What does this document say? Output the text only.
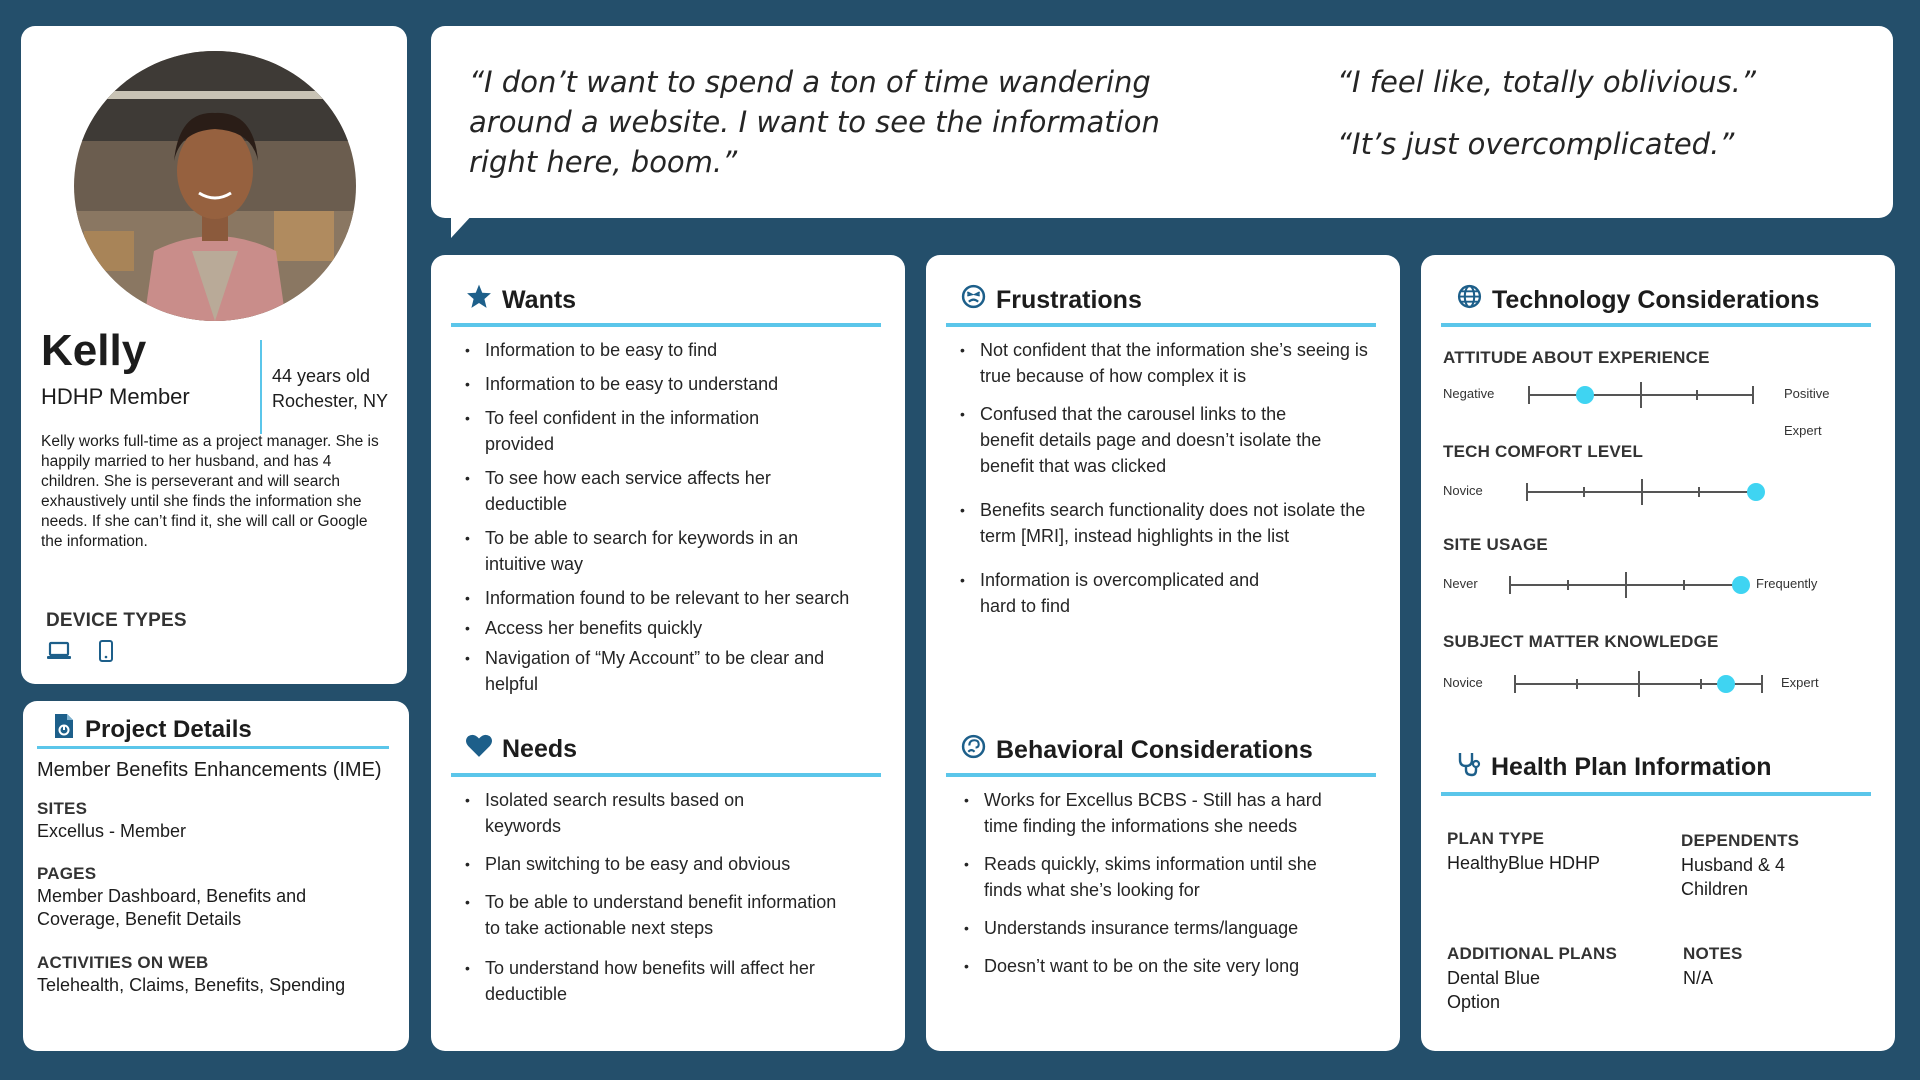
Kelly
HDHP Member
44 years old
Rochester, NY
Kelly works full-time as a project manager. She is happily married to her husband, and has 4 children. She is perseverant and will search exhaustively until she finds the information she needs. If she can’t find it, she will call or Google the information.
DEVICE TYPES
Project Details
Member Benefits Enhancements (IME)
SITES
Excellus - Member
PAGES
Member Dashboard, Benefits and
Coverage, Benefit Details
ACTIVITIES ON WEB
Telehealth, Claims, Benefits, Spending
“I don’t want to spend a ton of time wandering
around a website. I want to see the information
right here, boom.”
“I feel like, totally oblivious.”
“It’s just overcomplicated.”
Wants
• Information to be easy to find
• Information to be easy to understand
• To feel confident in the information provided
• To see how each service affects her deductible
• To be able to search for keywords in an intuitive way
• Information found to be relevant to her search
• Access her benefits quickly
• Navigation of “My Account” to be clear and helpful
Needs
• Isolated search results based on keywords
• Plan switching to be easy and obvious
• To be able to understand benefit information to take actionable next steps
• To understand how benefits will affect her deductible
Frustrations
• Not confident that the information she’s seeing is true because of how complex it is
• Confused that the carousel links to the benefit details page and doesn’t isolate the benefit that was clicked
• Benefits search functionality does not isolate the term [MRI], instead highlights in the list
• Information is overcomplicated and hard to find
Behavioral Considerations
• Works for Excellus BCBS - Still has a hard time finding the informations she needs
• Reads quickly, skims information until she finds what she’s looking for
• Understands insurance terms/language
• Doesn’t want to be on the site very long
Technology Considerations
ATTITUDE ABOUT EXPERIENCE
Negative	Positive
Expert
TECH COMFORT LEVEL
Novice
SITE USAGE
Never	Frequently
SUBJECT MATTER KNOWLEDGE
Novice	Expert
Health Plan Information
PLAN TYPE
HealthyBlue HDHP
DEPENDENTS
Husband & 4
Children
ADDITIONAL PLANS
Dental Blue
Option
NOTES
N/A
